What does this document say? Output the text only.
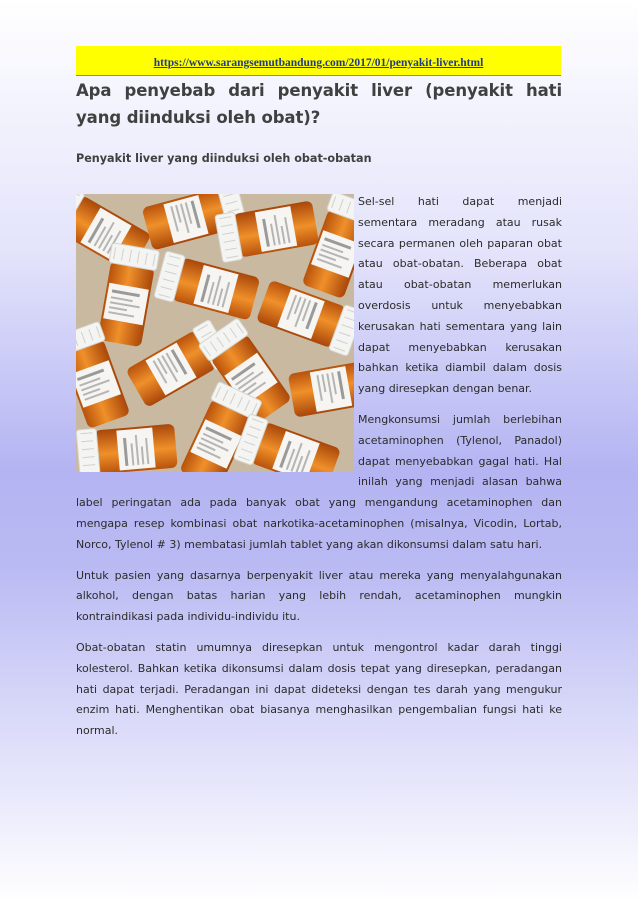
https://www.sarangsemutbandung.com/2017/01/penyakit-liver.html
Apa penyebab dari penyakit liver (penyakit hati yang diinduksi oleh obat)?
Penyakit liver yang diinduksi oleh obat-obatan

Sel-sel hati dapat menjadi sementara meradang atau rusak secara permanen oleh paparan obat atau obat-obatan. Beberapa obat atau obat-obatan memerlukan overdosis untuk menyebabkan kerusakan hati sementara yang lain dapat menyebabkan kerusakan bahkan ketika diambil dalam dosis yang diresepkan dengan benar.

Mengkonsumsi jumlah berlebihan acetaminophen (Tylenol, Panadol) dapat menyebabkan gagal hati. Hal inilah yang menjadi alasan bahwa label peringatan ada pada banyak obat yang mengandung acetaminophen dan mengapa resep kombinasi obat narkotika-acetaminophen (misalnya, Vicodin, Lortab, Norco, Tylenol # 3) membatasi jumlah tablet yang akan dikonsumsi dalam satu hari.

Untuk pasien yang dasarnya berpenyakit liver atau mereka yang menyalahgunakan alkohol, dengan batas harian yang lebih rendah, acetaminophen mungkin kontraindikasi pada individu-individu itu.

Obat-obatan statin umumnya diresepkan untuk mengontrol kadar darah tinggi kolesterol. Bahkan ketika dikonsumsi dalam dosis tepat yang diresepkan, peradangan hati dapat terjadi. Peradangan ini dapat dideteksi dengan tes darah yang mengukur enzim hati. Menghentikan obat biasanya menghasilkan pengembalian fungsi hati ke normal.
